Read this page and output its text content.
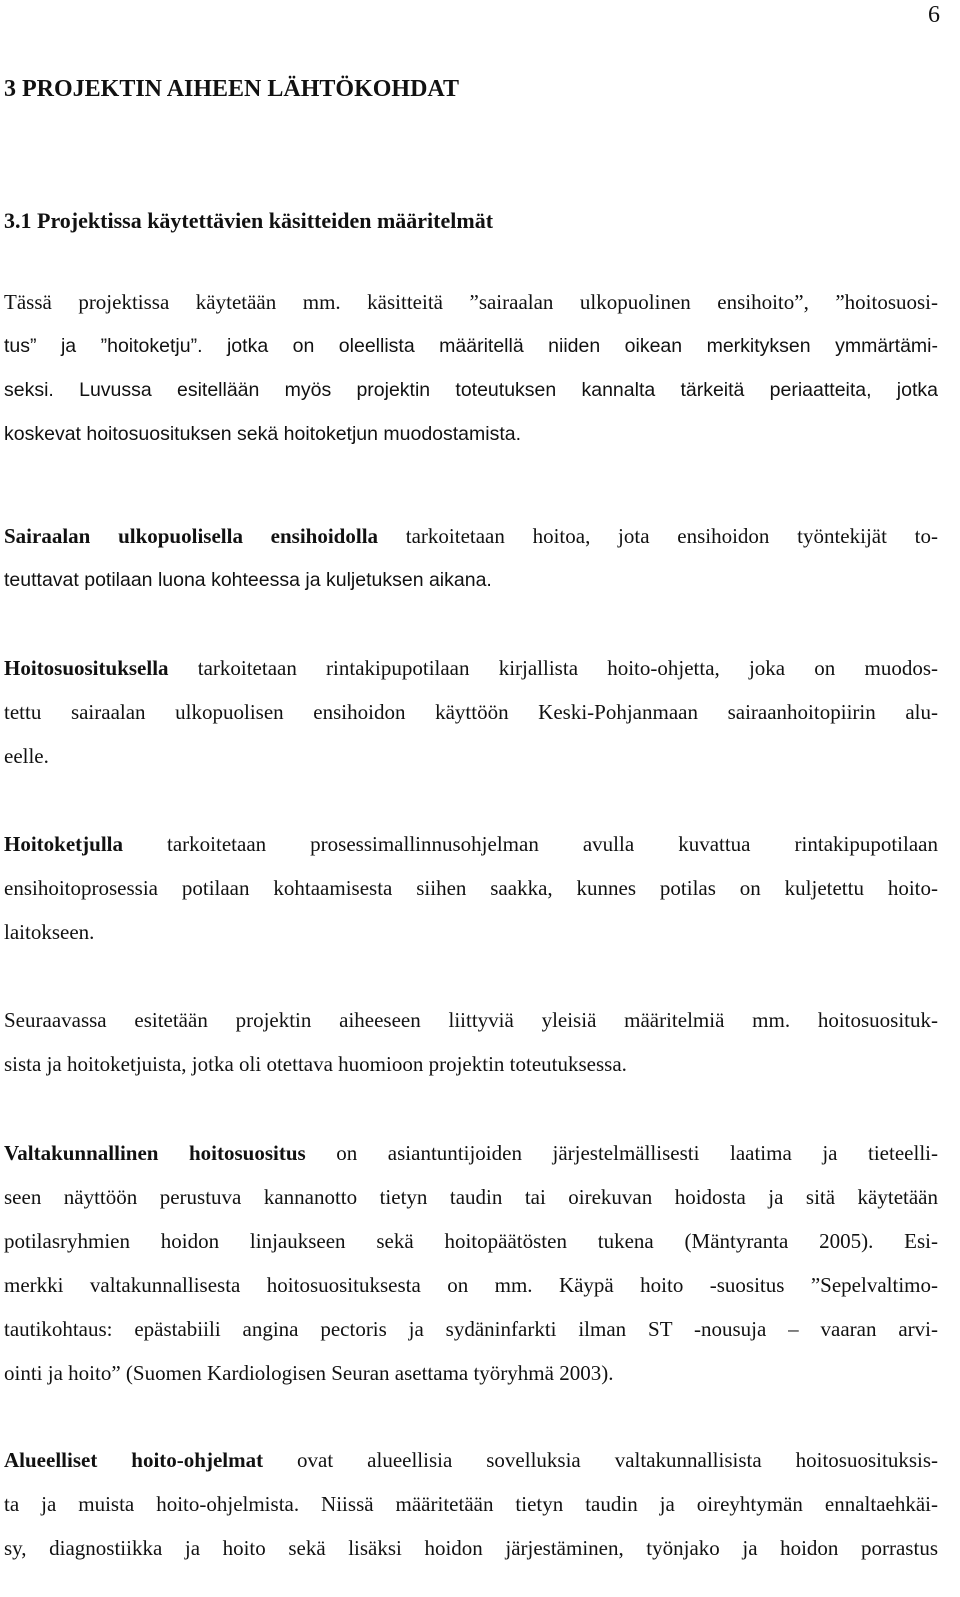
6
3 PROJEKTIN AIHEEN LÄHTÖKOHDAT
3.1 Projektissa käytettävien käsitteiden määritelmät

Tässä projektissa käytetään mm. käsitteitä ”sairaalan ulkopuolinen ensihoito”, ”hoitosuosi-
tus” ja ”hoitoketju”. jotka on oleellista määritellä niiden oikean merkityksen ymmärtämi-
seksi. Luvussa esitellään myös projektin toteutuksen kannalta tärkeitä periaatteita, jotka
koskevat hoitosuosituksen sekä hoitoketjun muodostamista.

Sairaalan ulkopuolisella ensihoidolla tarkoitetaan hoitoa, jota ensihoidon työntekijät to-
teuttavat potilaan luona kohteessa ja kuljetuksen aikana.

Hoitosuosituksella tarkoitetaan rintakipupotilaan kirjallista hoito-ohjetta, joka on muodos-
tettu sairaalan ulkopuolisen ensihoidon käyttöön Keski-Pohjanmaan sairaanhoitopiirin alu-
eelle.

Hoitoketjulla tarkoitetaan prosessimallinnusohjelman avulla kuvattua rintakipupotilaan
ensihoitoprosessia potilaan kohtaamisesta siihen saakka, kunnes potilas on kuljetettu hoito-
laitokseen.

Seuraavassa esitetään projektin aiheeseen liittyviä yleisiä määritelmiä mm. hoitosuosituk-
sista ja hoitoketjuista, jotka oli otettava huomioon projektin toteutuksessa.

Valtakunnallinen hoitosuositus on asiantuntijoiden järjestelmällisesti laatima ja tieteelli-
seen näyttöön perustuva kannanotto tietyn taudin tai oirekuvan hoidosta ja sitä käytetään
potilasryhmien hoidon linjaukseen sekä hoitopäätösten tukena (Mäntyranta 2005). Esi-
merkki valtakunnallisesta hoitosuosituksesta on mm. Käypä hoito -suositus ”Sepelvaltimo-
tautikohtaus: epästabiili angina pectoris ja sydäninfarkti ilman ST -nousuja – vaaran arvi-
ointi ja hoito” (Suomen Kardiologisen Seuran asettama työryhmä 2003).

Alueelliset hoito-ohjelmat ovat alueellisia sovelluksia valtakunnallisista hoitosuosituksis-
ta ja muista hoito-ohjelmista. Niissä määritetään tietyn taudin ja oireyhtymän ennaltaehkäi-
sy, diagnostiikka ja hoito sekä lisäksi hoidon järjestäminen, työnjako ja hoidon porrastus
